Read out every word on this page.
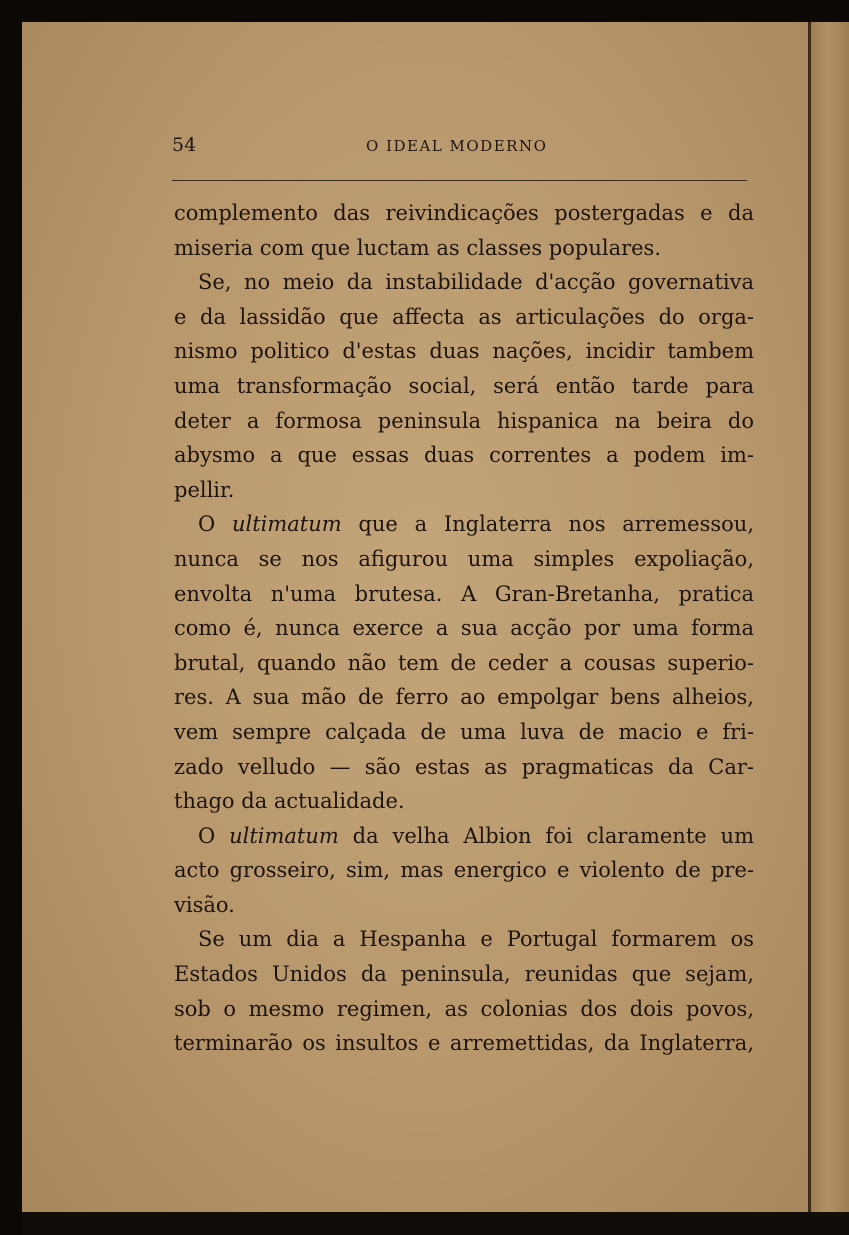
54	O IDEAL MODERNO
complemento das reivindicações postergadas e da
miseria com que luctam as classes populares.
Se, no meio da instabilidade d'acção governativa
e da lassidão que affecta as articulações do orga-
nismo politico d'estas duas nações, incidir tambem
uma transformação social, será então tarde para
deter a formosa peninsula hispanica na beira do
abysmo a que essas duas correntes a podem im-
pellir.
O ultimatum que a Inglaterra nos arremessou,
nunca se nos afigurou uma simples expoliação,
envolta n'uma brutesa. A Gran-Bretanha, pratica
como é, nunca exerce a sua acção por uma forma
brutal, quando não tem de ceder a cousas superio-
res. A sua mão de ferro ao empolgar bens alheios,
vem sempre calçada de uma luva de macio e fri-
zado velludo — são estas as pragmaticas da Car-
thago da actualidade.
O ultimatum da velha Albion foi claramente um
acto grosseiro, sim, mas energico e violento de pre-
visão.
Se um dia a Hespanha e Portugal formarem os
Estados Unidos da peninsula, reunidas que sejam,
sob o mesmo regimen, as colonias dos dois povos,
terminarão os insultos e arremettidas, da Inglaterra,
